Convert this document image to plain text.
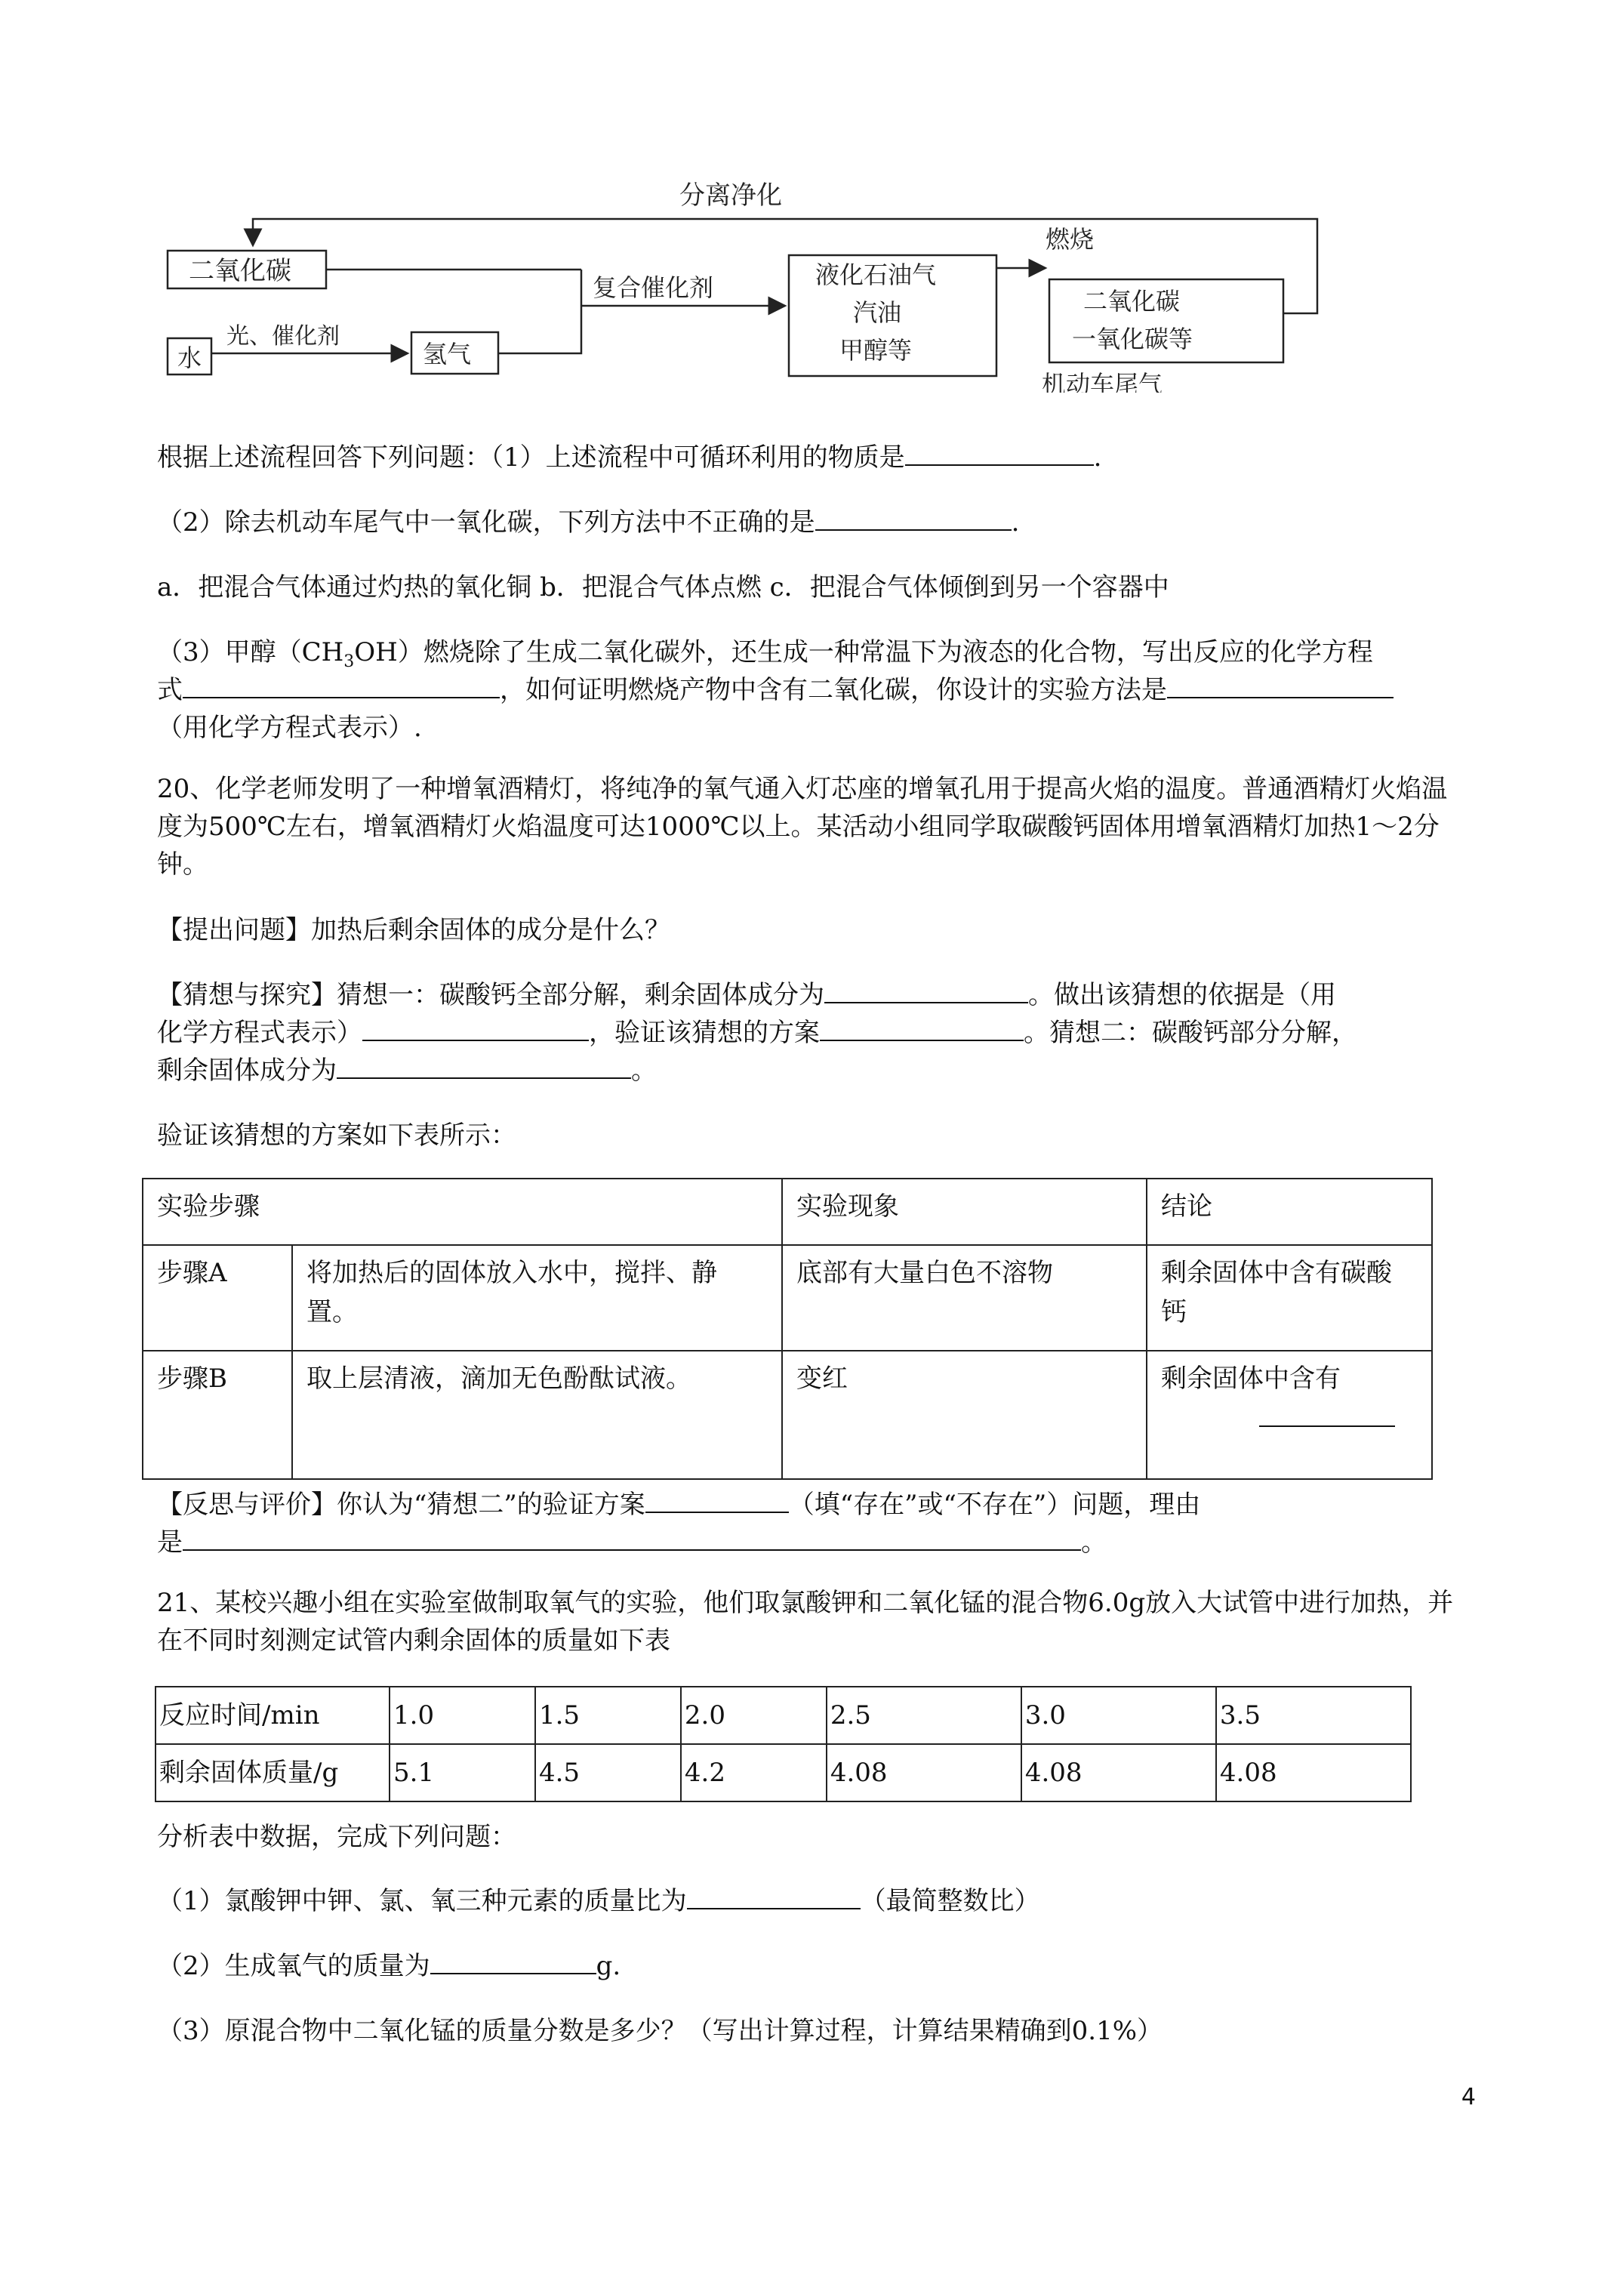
分离净化
二氧化碳
水
光、催化剂
氢气
复合催化剂	液化石油气
汽油
甲醇等
燃烧
二氧化碳
一氧化碳等
机动车尾气
根据上述流程回答下列问题：（1）上述流程中可循环利用的物质是	.
（2）除去机动车尾气中一氧化碳，下列方法中不正确的是	.
a．把混合气体通过灼热的氧化铜 b．把混合气体点燃 c．把混合气体倾倒到另一个容器中
（3）甲醇$(CH_3OH)$燃烧除了生成二氧化碳外，还生成一种常温下为液态的化合物，写出反应的化学方程
式	，如何证明燃烧产物中含有二氧化碳，你设计的实验方法是
（用化学方程式表示）.
20、化学老师发明了一种增氧酒精灯，将纯净的氧气通入灯芯座的增氧孔用于提高火焰的温度。普通酒精灯火焰温度为500℃左右，增氧酒精灯火焰温度可达1000℃以上。某活动小组同学取碳酸钙固体用增氧酒精灯加热1～2分钟。
【提出问题】加热后剩余固体的成分是什么？
【猜想与探究】猜想一：碳酸钙全部分解，剩余固体成分为	。做出该猜想的依据是（用
化学方程式表示）	，验证该猜想的方案	。猜想二：碳酸钙部分分解，
剩余固体成分为	。
验证该猜想的方案如下表所示：
实验步骤		实验现象	结论
步骤A	将加热后的固体放入水中，搅拌、静置。	底部有大量白色不溶物	剩余固体中含有碳酸钙
步骤B	取上层清液，滴加无色酚酞试液。	变红	剩余固体中含有
【反思与评价】你认为“猜想二”的验证方案	（填“存在”或“不存在”）问题，理由
是	。
21、某校兴趣小组在实验室做制取氧气的实验，他们取氯酸钾和二氧化锰的混合物6.0g放入大试管中进行加热，并在不同时刻测定试管内剩余固体的质量如下表
反应时间/min	1.0	1.5	2.0	2.5	3.0	3.5
剩余固体质量/g	5.1	4.5	4.2	4.08	4.08	4.08
分析表中数据，完成下列问题：
（1）氯酸钾中钾、氯、氧三种元素的质量比为	（最简整数比）
（2）生成氧气的质量为	g.
（3）原混合物中二氧化锰的质量分数是多少？（写出计算过程，计算结果精确到0.1%）
4
